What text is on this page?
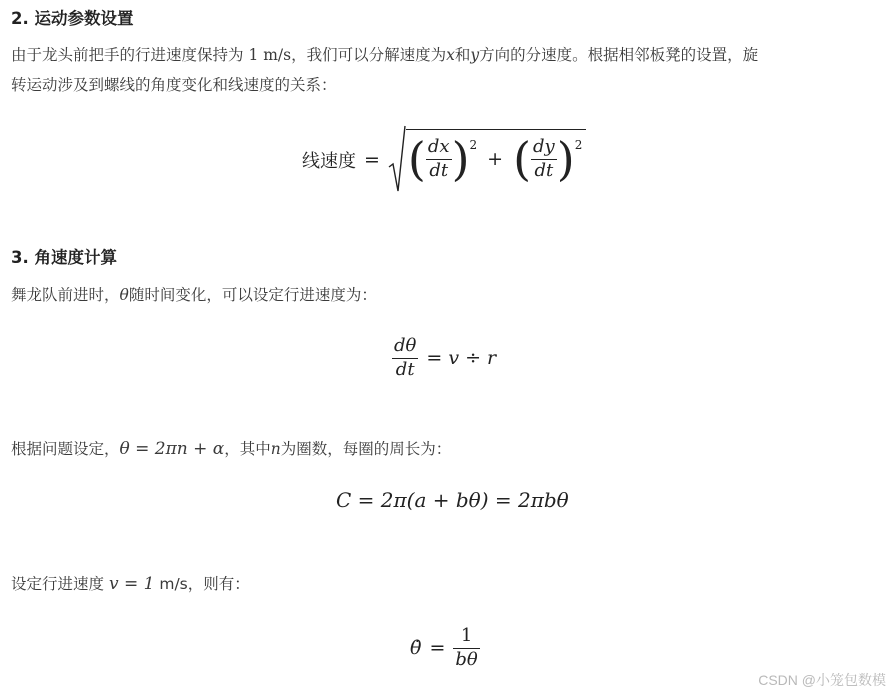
2. 运动参数设置

由于龙头前把手的行进速度保持为 1 m/s，我们可以分解速度为x和y方向的分速度。根据相邻板凳的设置，旋

转运动涉及到螺线的角度变化和线速度的关系：

线速度 = ( $\frac{dx}{dt} )^2$
+ ( $\frac{dy}{dt} )^2$
3. 角速度计算

舞龙队前进时，θ随时间变化，可以设定行进速度为：

$\frac{d\theta}{dt} = v \div r$

根据问题设定，θ = 2πn + α，其中n为圈数，每圈的周长为：

C = 2π(a + bθ) = 2πbθ

设定行进速度 v = 1 m/s，则有：

θ̇ = $\frac{1}{b\theta}$
CSDN @小笼包数模
